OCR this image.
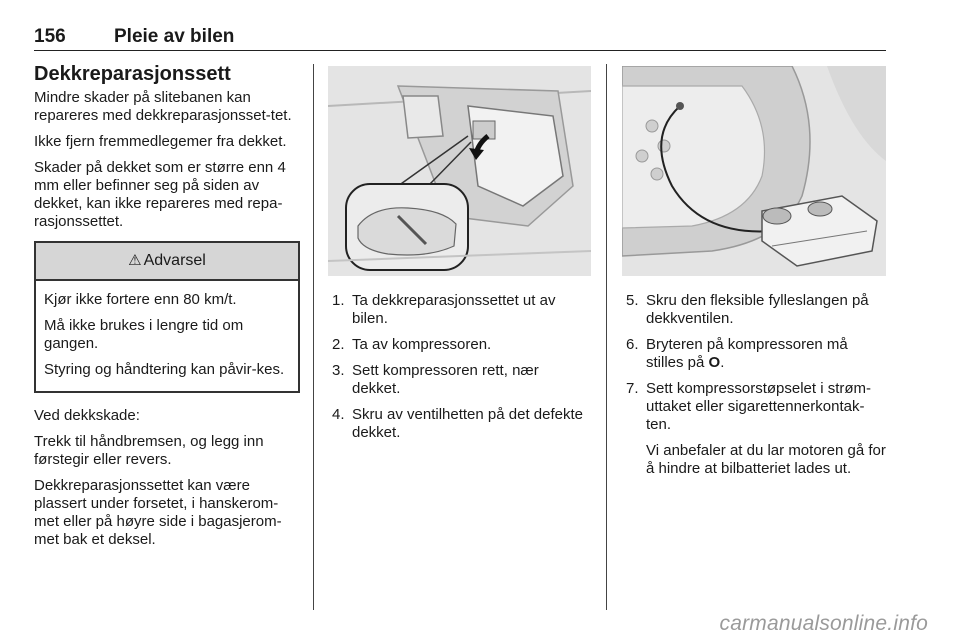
156	Pleie av bilen
Dekkreparasjonssett

Mindre skader på slitebanen kan repareres med dekkreparasjonsset-tet.

Ikke fjern fremmedlegemer fra dekket.

Skader på dekket som er større enn 4 mm eller befinner seg på siden av dekket, kan ikke repareres med repa-rasjonssettet.

⚠ Advarsel

Kjør ikke fortere enn 80 km/t.

Må ikke brukes i lengre tid om gangen.

Styring og håndtering kan påvir-kes.

Ved dekkskade:

Trekk til håndbremsen, og legg inn førstegir eller revers.

Dekkreparasjonssettet kan være plassert under forsetet, i hanskerom-met eller på høyre side i bagasjerom-met bak et deksel.

1. Ta dekkreparasjonssettet ut av bilen.
2. Ta av kompressoren.
3. Sett kompressoren rett, nær dekket.
4. Skru av ventilhetten på det defekte dekket.
5. Skru den fleksible fylleslangen på dekkventilen.
6. Bryteren på kompressoren må stilles på O.
7. Sett kompressorstøpselet i strøm-uttaket eller sigarettennerkontak-ten.
Vi anbefaler at du lar motoren gå for å hindre at bilbatteriet lades ut.
carmanualsonline.info
